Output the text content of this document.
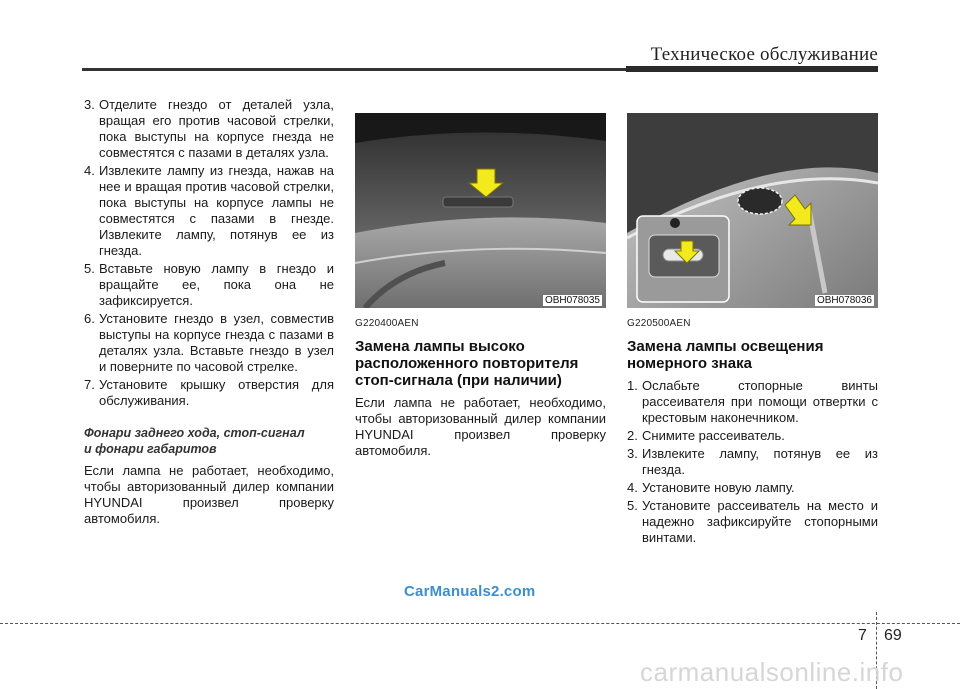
Техническое обслуживание
3. Отделите гнездо от деталей узла, вращая его против часовой стрелки, пока выступы на корпусе гнезда не совместятся с пазами в деталях узла.
4. Извлеките лампу из гнезда, нажав на нее и вращая против часовой стрелки, пока выступы на корпусе лампы не совместятся с пазами в гнезде. Извлеките лампу, потянув ее из гнезда.
5. Вставьте новую лампу в гнездо и вращайте ее, пока она не зафиксируется.
6. Установите гнездо в узел, совместив выступы на корпусе гнезда с пазами в деталях узла. Вставьте гнездо в узел и поверните по часовой стрелке.
7. Установите крышку отверстия для обслуживания.
Фонари заднего хода, стоп-сигнал
и фонари габаритов
Если лампа не работает, необходимо, чтобы авторизованный дилер компании HYUNDAI произвел проверку автомобиля.
OBH078035
G220400AEN
Замена лампы высоко расположенного повторителя стоп-сигнала (при наличии)
Если лампа не работает, необходимо, чтобы авторизованный дилер компании HYUNDAI произвел проверку автомобиля.
OBH078036
G220500AEN
Замена лампы освещения номерного знака
1. Ослабьте стопорные винты рассеивателя при помощи отвертки с крестовым наконечником.
2. Снимите рассеиватель.
3. Извлеките лампу, потянув ее из гнезда.
4. Установите новую лампу.
5. Установите рассеиватель на место и надежно зафиксируйте стопорными винтами.
CarManuals2.com
7 69
carmanualsonline.info
